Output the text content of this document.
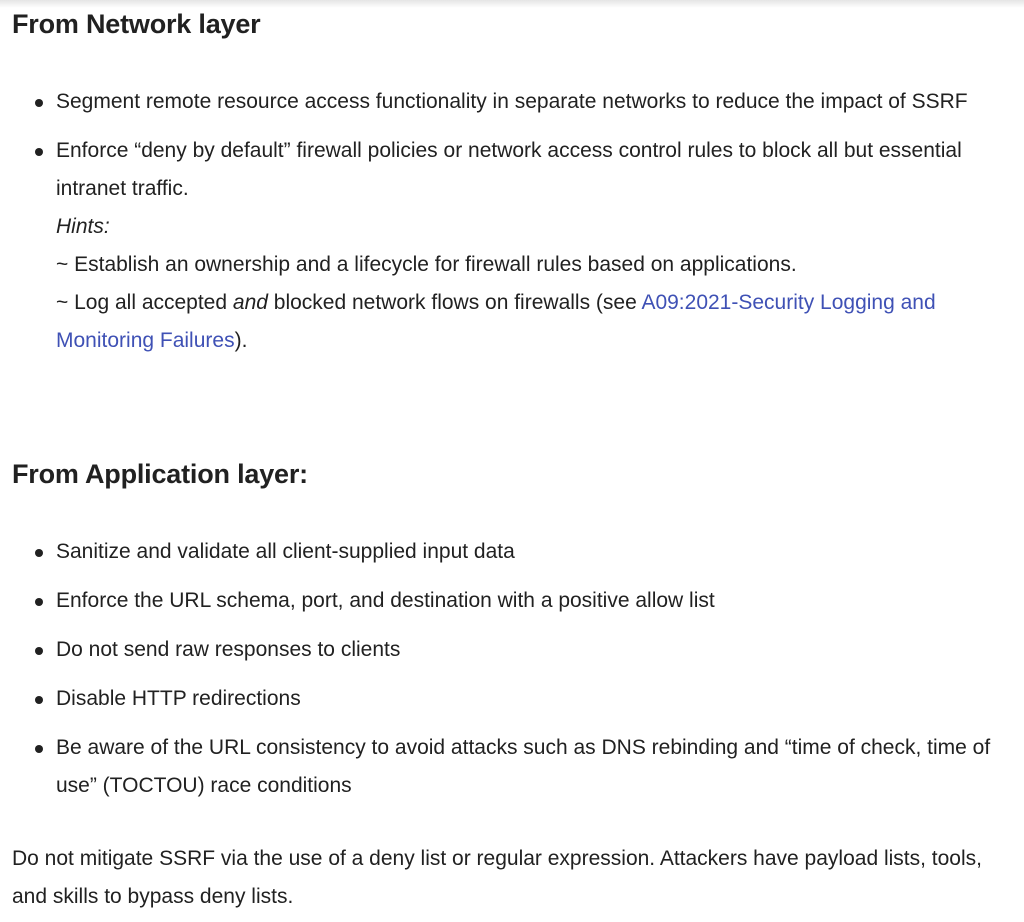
From Network layer
Segment remote resource access functionality in separate networks to reduce the impact of SSRF
Enforce “deny by default” firewall policies or network access control rules to block all but essential intranet traffic.
Hints:
~ Establish an ownership and a lifecycle for firewall rules based on applications.
~ Log all accepted and blocked network flows on firewalls (see A09:2021-Security Logging and Monitoring Failures).
From Application layer:
Sanitize and validate all client-supplied input data
Enforce the URL schema, port, and destination with a positive allow list
Do not send raw responses to clients
Disable HTTP redirections
Be aware of the URL consistency to avoid attacks such as DNS rebinding and “time of check, time of use” (TOCTOU) race conditions

Do not mitigate SSRF via the use of a deny list or regular expression. Attackers have payload lists, tools, and skills to bypass deny lists.
